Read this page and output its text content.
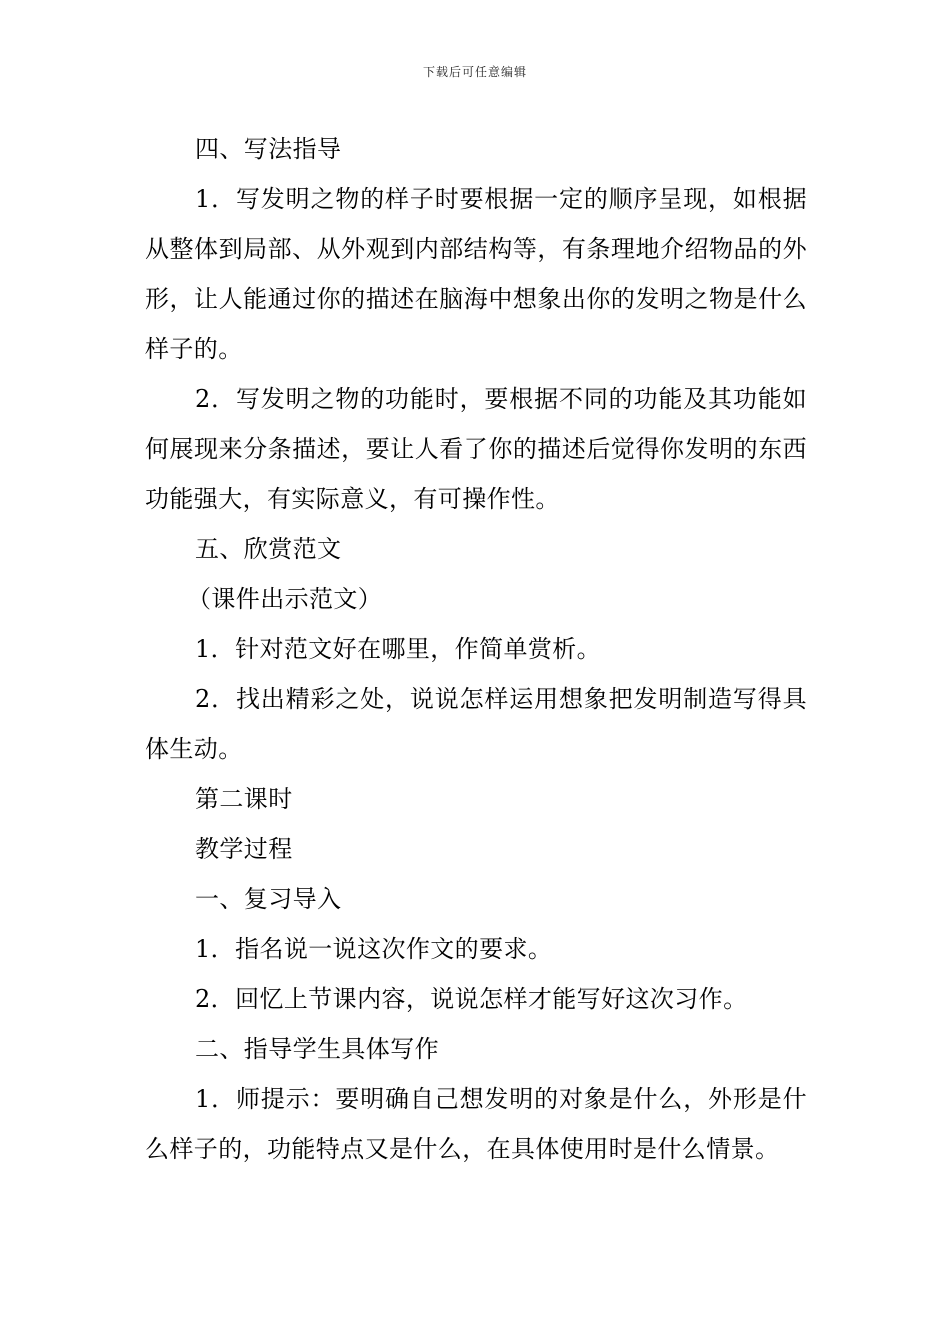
下载后可任意编辑

四、写法指导

1．写发明之物的样子时要根据一定的顺序呈现，如根据从整体到局部、从外观到内部结构等，有条理地介绍物品的外形，让人能通过你的描述在脑海中想象出你的发明之物是什么样子的。

2．写发明之物的功能时，要根据不同的功能及其功能如何展现来分条描述，要让人看了你的描述后觉得你发明的东西功能强大，有实际意义，有可操作性。

五、欣赏范文

（课件出示范文）

1．针对范文好在哪里，作简单赏析。

2．找出精彩之处，说说怎样运用想象把发明制造写得具体生动。

第二课时

教学过程

一、复习导入

1．指名说一说这次作文的要求。

2．回忆上节课内容，说说怎样才能写好这次习作。

二、指导学生具体写作

1．师提示：要明确自己想发明的对象是什么，外形是什么样子的，功能特点又是什么，在具体使用时是什么情景。
